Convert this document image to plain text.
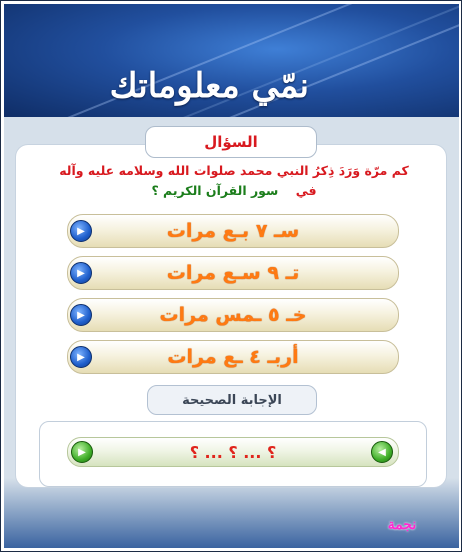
نمّي معلوماتك
السؤال
كم مرّة وَرَدَ ذِكرُ النبي محمد صلوات الله وسلامه عليه وآله
في    سور القرآن الكريم ؟
سـ ٧ بـع مرات
▶
تـ ٩ سـع مرات
▶
خـ ٥ ـمس مرات
▶
أربـ ٤ ـع مرات
▶
الإجابة الصحيحة
؟ ... ؟ ... ؟	◀
▶
نجمة
